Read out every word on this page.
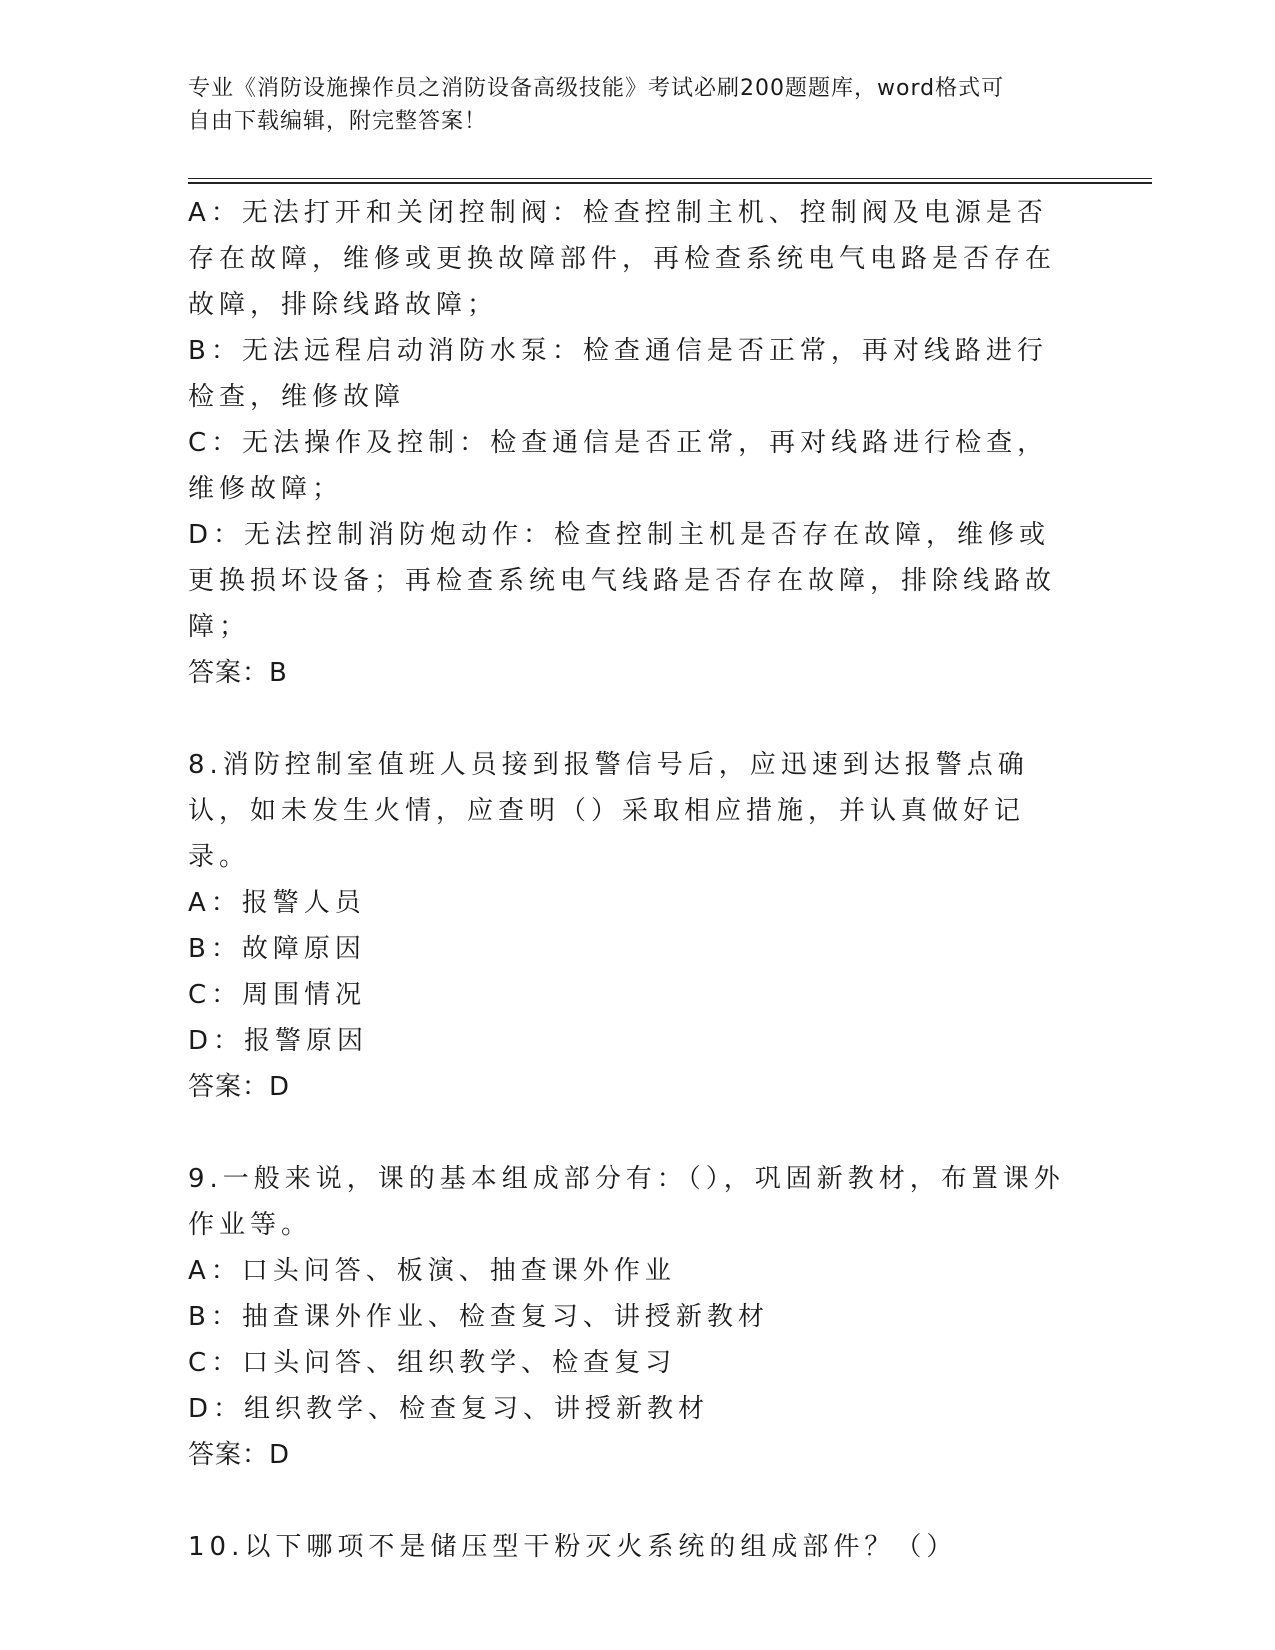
专业《消防设施操作员之消防设备高级技能》考试必刷200题题库，word格式可
自由下载编辑，附完整答案！

A：无法打开和关闭控制阀：检查控制主机、控制阀及电源是否存在故障，维修或更换故障部件，再检查系统电气电路是否存在故障，排除线路故障；

B：无法远程启动消防水泵：检查通信是否正常，再对线路进行检查，维修故障

C：无法操作及控制：检查通信是否正常，再对线路进行检查，维修故障；

D：无法控制消防炮动作：检查控制主机是否存在故障，维修或更换损坏设备；再检查系统电气线路是否存在故障，排除线路故障；

答案：B

8.消防控制室值班人员接到报警信号后，应迅速到达报警点确认，如未发生火情，应查明（）采取相应措施，并认真做好记录。

A：报警人员

B：故障原因

C：周围情况

D：报警原因

答案：D

9.一般来说，课的基本组成部分有：（），巩固新教材，布置课外作业等。

A：口头问答、板演、抽查课外作业

B：抽查课外作业、检查复习、讲授新教材

C：口头问答、组织教学、检查复习

D：组织教学、检查复习、讲授新教材

答案：D

10.以下哪项不是储压型干粉灭火系统的组成部件？（）
